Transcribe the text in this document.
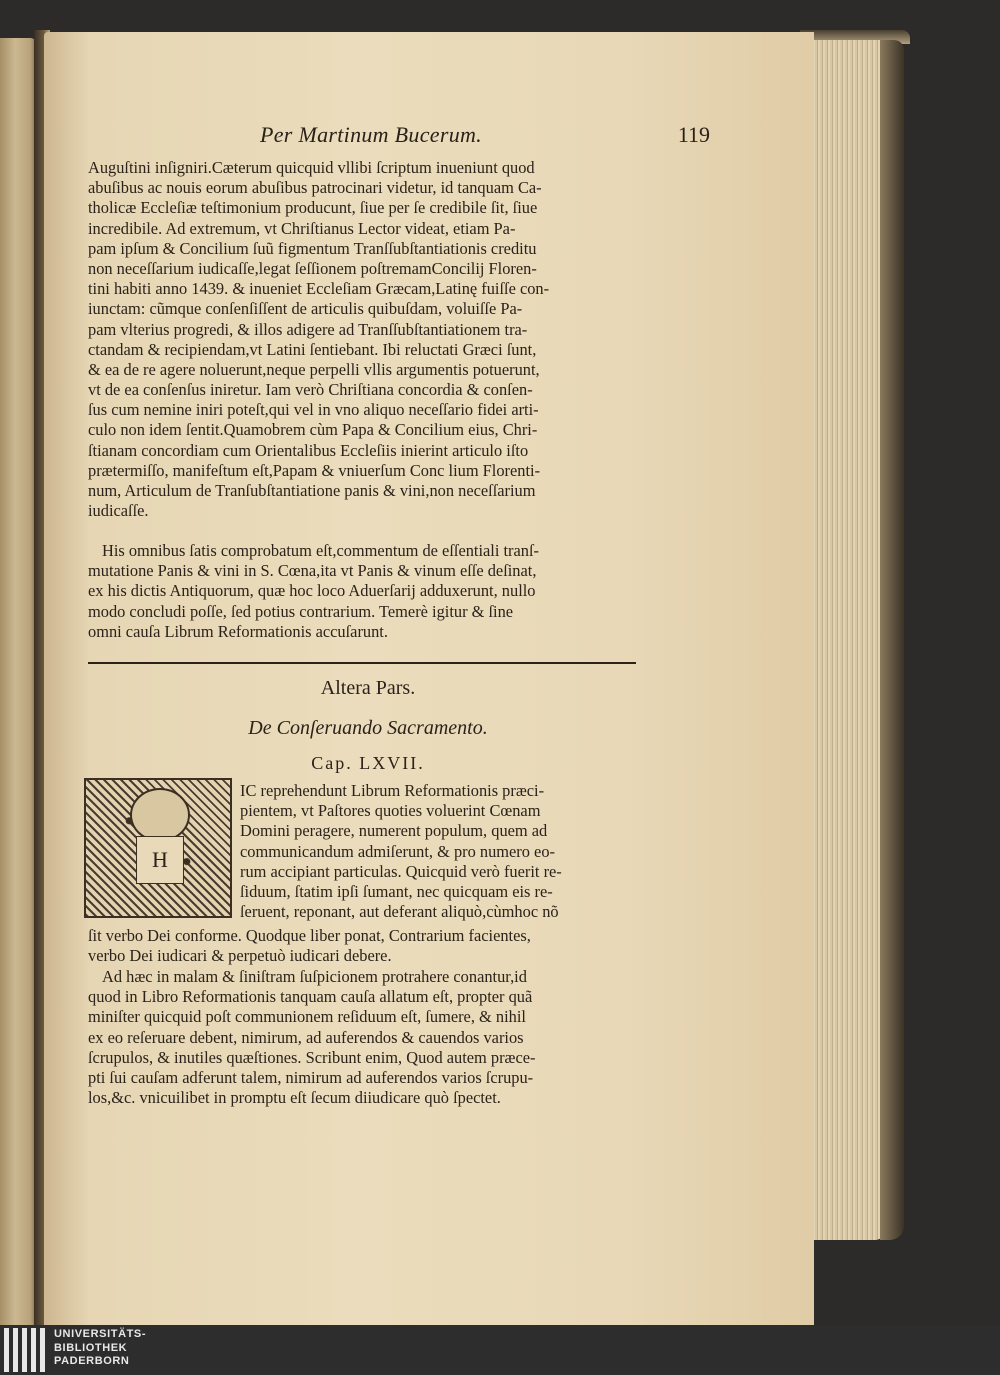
Per Martinum Bucerum.	119
Auguſtini inſigniri.Cæterum quicquid vllibi ſcriptum inueniunt quod
abuſibus ac nouis eorum abuſibus patrocinari videtur, id tanquam Ca-
tholicæ Eccleſiæ teſtimonium producunt, ſiue per ſe credibile ſit, ſiue
incredibile. Ad extremum, vt Chriſtianus Lector videat, etiam Pa-
pam ipſum & Concilium ſuũ figmentum Tranſſubſtantiationis creditu
non neceſſarium iudicaſſe,legat ſeſſionem poſtremamConcilij Floren-
tini habiti anno 1439. & inueniet Eccleſiam Græcam,Latinę fuiſſe con-
iunctam: cũmque conſenſiſſent de articulis quibuſdam, voluiſſe Pa-
pam vlterius progredi, & illos adigere ad Tranſſubſtantiationem tra-
ctandam & recipiendam,vt Latini ſentiebant. Ibi reluctati Græci ſunt,
& ea de re agere noluerunt,neque perpelli vllis argumentis potuerunt,
vt de ea conſenſus iniretur. Iam verò Chriſtiana concordia & conſen-
ſus cum nemine iniri poteſt,qui vel in vno aliquo neceſſario fidei arti-
culo non idem ſentit.Quamobrem cùm Papa & Concilium eius, Chri-
ſtianam concordiam cum Orientalibus Eccleſiis inierint articulo iſto
prætermiſſo, manifeſtum eſt,Papam & vniuerſum Conc lium Florenti-
num, Articulum de Tranſubſtantiatione panis & vini,non neceſſarium
iudicaſſe.
His omnibus ſatis comprobatum eſt,commentum de eſſentiali tranſ-
mutatione Panis & vini in S. Cœna,ita vt Panis & vinum eſſe deſinat,
ex his dictis Antiquorum, quæ hoc loco Aduerſarij adduxerunt, nullo
modo concludi poſſe, ſed potius contrarium. Temerè igitur & ſine
omni cauſa Librum Reformationis accuſarunt.
Altera Pars.
De Conſeruando Sacramento.
Cap. LXVII.
H
IC reprehendunt Librum Reformationis præci-
pientem, vt Paſtores quoties voluerint Cœnam
Domini peragere, numerent populum, quem ad
communicandum admiſerunt, & pro numero eo-
rum accipiant particulas. Quicquid verò fuerit re-
ſiduum, ſtatim ipſi ſumant, nec quicquam eis re-
ſeruent, reponant, aut deferant aliquò,cùmhoc nõ
ſit verbo Dei conforme. Quodque liber ponat, Contrarium facientes,
verbo Dei iudicari & perpetuò iudicari debere.
Ad hæc in malam & ſiniſtram ſuſpicionem protrahere conantur,id
quod in Libro Reformationis tanquam cauſa allatum eſt, propter quã
miniſter quicquid poſt communionem reſiduum eſt, ſumere, & nihil
ex eo reſeruare debent, nimirum, ad auferendos & cauendos varios
ſcrupulos, & inutiles quæſtiones. Scribunt enim, Quod autem præce-
pti ſui cauſam adferunt talem, nimirum ad auferendos varios ſcrupu-
los,&c. vnicuilibet in promptu eſt ſecum diiudicare quò ſpectet.
UNIVERSITÄTS-
BIBLIOTHEK
PADERBORN
